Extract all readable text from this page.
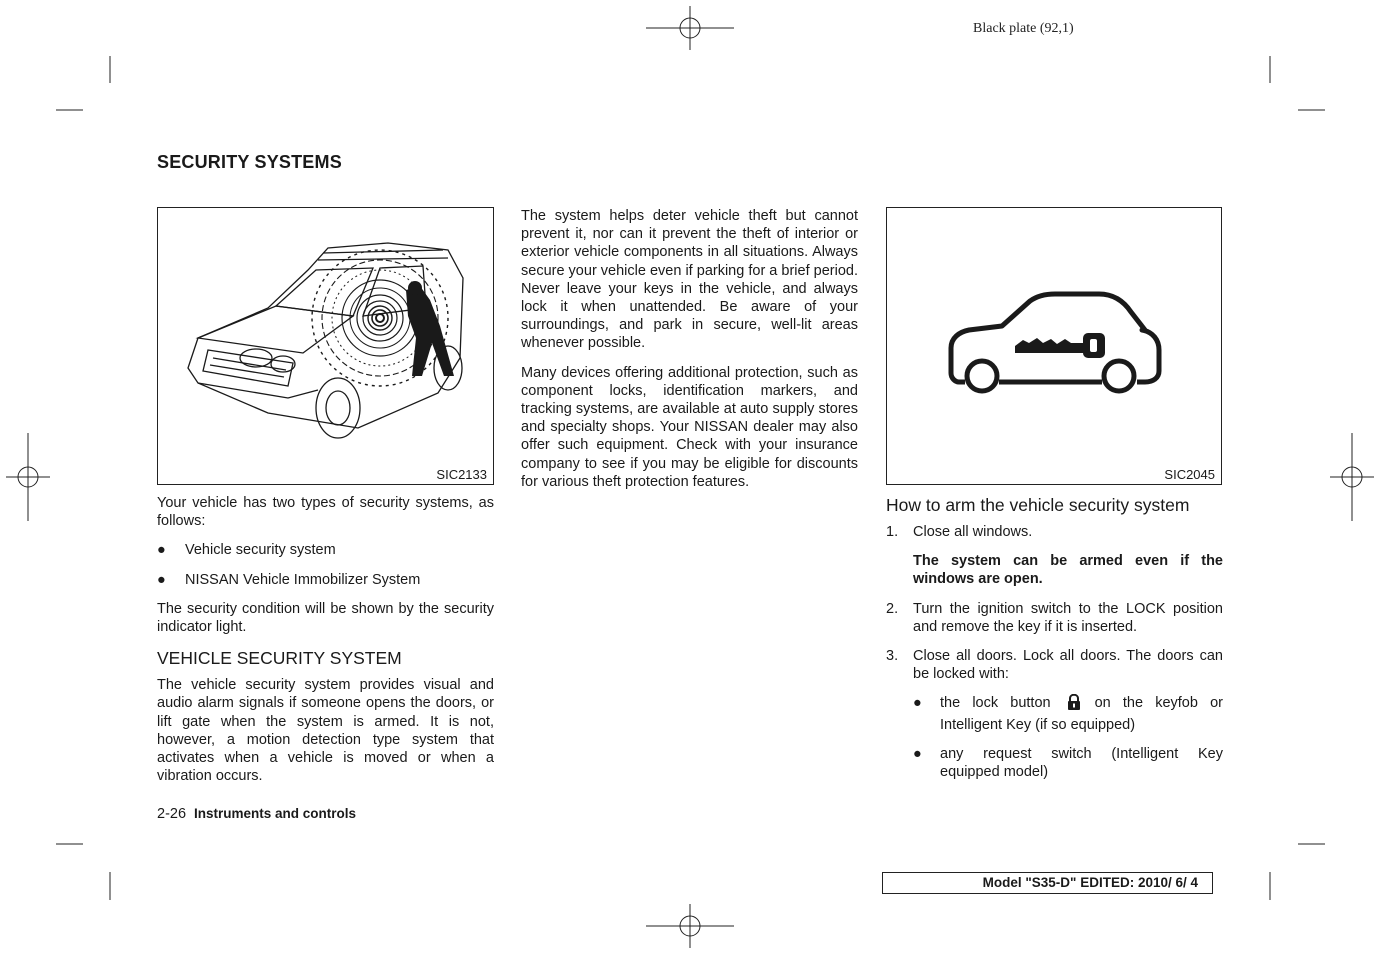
Black plate (92,1)
SECURITY SYSTEMS
SIC2133

Your vehicle has two types of security systems, as follows:

● Vehicle security system
● NISSAN Vehicle Immobilizer System

The security condition will be shown by the security indicator light.

VEHICLE SECURITY SYSTEM

The vehicle security system provides visual and audio alarm signals if someone opens the doors, or lift gate when the system is armed. It is not, however, a motion detection type system that activates when a vehicle is moved or when a vibration occurs.

The system helps deter vehicle theft but cannot prevent it, nor can it prevent the theft of interior or exterior vehicle components in all situations. Always secure your vehicle even if parking for a brief period. Never leave your keys in the vehicle, and always lock it when unattended. Be aware of your surroundings, and park in secure, well-lit areas whenever possible.

Many devices offering additional protection, such as component locks, identification markers, and tracking systems, are available at auto supply stores and specialty shops. Your NISSAN dealer may also offer such equipment. Check with your insurance company to see if you may be eligible for discounts for various theft protection features.	SIC2045
How to arm the vehicle security system
1. Close all windows.

The system can be armed even if the windows are open.

2. Turn the ignition switch to the LOCK position and remove the key if it is inserted.

3. Close all doors. Lock all doors. The doors can be locked with:

● the lock button	on the keyfob or Intelligent Key (if so equipped)
● any request switch (Intelligent Key equipped model)
2-26 Instruments and controls
Model "S35-D" EDITED: 2010/ 6/ 4
